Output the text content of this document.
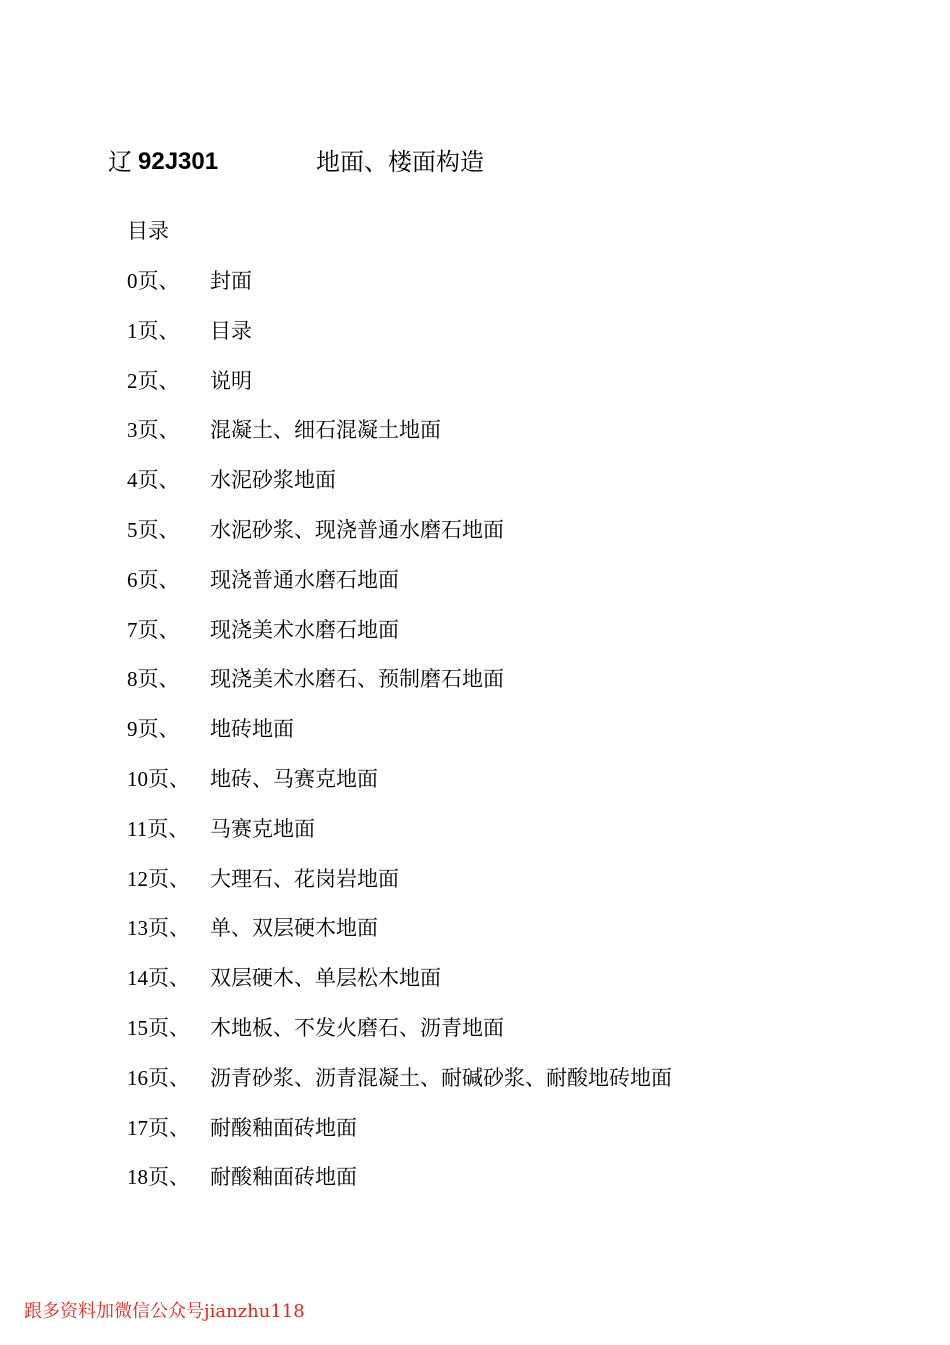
辽 92J301	地面、楼面构造
目录
0页、 封面
1页、 目录
2页、 说明
3页、 混凝土、细石混凝土地面
4页、 水泥砂浆地面
5页、 水泥砂浆、现浇普通水磨石地面
6页、 现浇普通水磨石地面
7页、 现浇美术水磨石地面
8页、 现浇美术水磨石、预制磨石地面
9页、 地砖地面
10页、 地砖、马赛克地面
11页、 马赛克地面
12页、 大理石、花岗岩地面
13页、 单、双层硬木地面
14页、 双层硬木、单层松木地面
15页、 木地板、不发火磨石、沥青地面
16页、 沥青砂浆、沥青混凝土、耐碱砂浆、耐酸地砖地面
17页、 耐酸釉面砖地面
18页、 耐酸釉面砖地面
跟多资料加微信公众号jianzhu118
